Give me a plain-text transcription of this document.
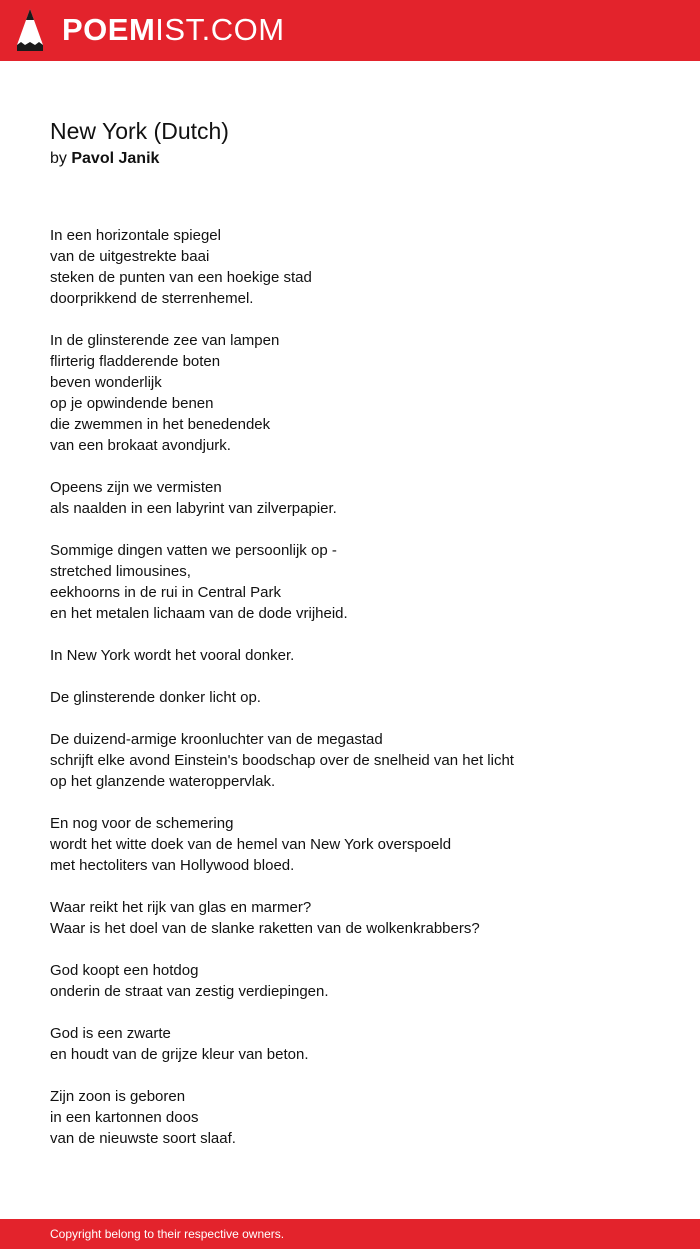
POEMIST.COM
New York (Dutch)

by Pavol Janik

In een horizontale spiegel
van de uitgestrekte baai
steken de punten van een hoekige stad
doorprikkend de sterrenhemel.

In de glinsterende zee van lampen
flirterig fladderende boten
beven wonderlijk
op je opwindende benen
die zwemmen in het benedendek
van een brokaat avondjurk.

Opeens zijn we vermisten
als naalden in een labyrint van zilverpapier.

Sommige dingen vatten we persoonlijk op -
stretched limousines,
eekhoorns in de rui in Central Park
en het metalen lichaam van de dode vrijheid.

In New York wordt het vooral donker.

De glinsterende donker licht op.

De duizend-armige kroonluchter van de megastad
schrijft elke avond Einstein's boodschap over de snelheid van het licht
op het glanzende wateroppervlak.

En nog voor de schemering
wordt het witte doek van de hemel van New York overspoeld
met hectoliters van Hollywood bloed.

Waar reikt het rijk van glas en marmer?
Waar is het doel van de slanke raketten van de wolkenkrabbers?

God koopt een hotdog
onderin de straat van zestig verdiepingen.

God is een zwarte
en houdt van de grijze kleur van beton.

Zijn zoon is geboren
in een kartonnen doos
van de nieuwste soort slaaf.

Copyright belong to their respective owners.
